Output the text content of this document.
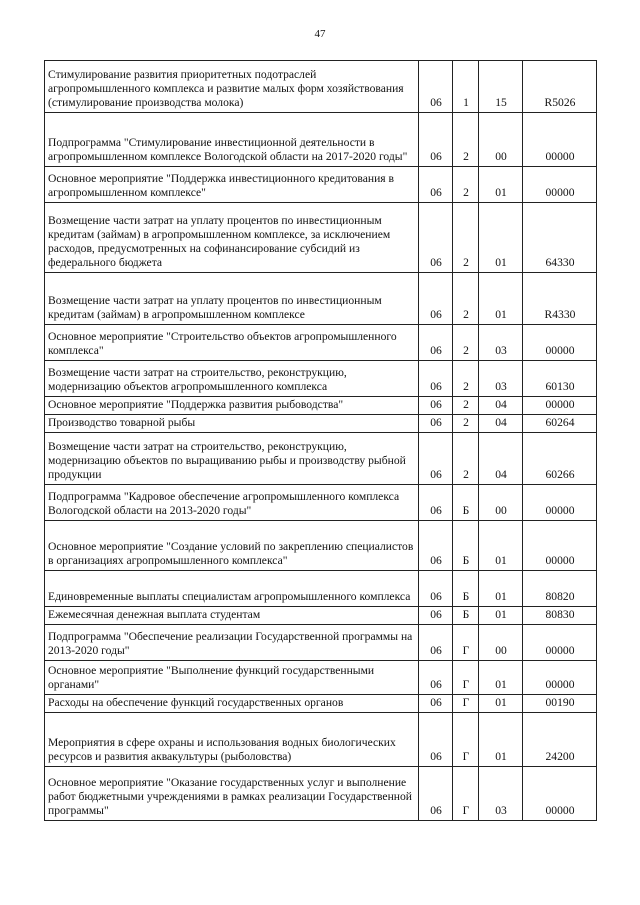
47
Стимулирование развития приоритетных подотраслей агропромышленного комплекса и развитие малых форм хозяйствования (стимулирование производства молока)	06	1	15	R5026
Подпрограмма "Стимулирование инвестиционной деятельности в агропромышленном комплексе Вологодской области на 2017-2020 годы"	06	2	00	00000
Основное мероприятие "Поддержка инвестиционного кредитования в агропромышленном комплексе"	06	2	01	00000
Возмещение части затрат на уплату процентов по инвестиционным кредитам (займам) в агропромышленном комплексе, за исключением расходов, предусмотренных на софинансирование субсидий из федерального бюджета	06	2	01	64330
Возмещение части затрат на уплату процентов по инвестиционным кредитам (займам) в агропромышленном комплексе	06	2	01	R4330
Основное мероприятие "Строительство объектов агропромышленного комплекса"	06	2	03	00000
Возмещение части затрат на строительство, реконструкцию, модернизацию объектов агропромышленного комплекса	06	2	03	60130
Основное мероприятие "Поддержка развития рыбоводства"	06	2	04	00000
Производство товарной рыбы	06	2	04	60264
Возмещение части затрат на строительство, реконструкцию, модернизацию объектов по выращиванию рыбы и производству рыбной продукции	06	2	04	60266
Подпрограмма "Кадровое обеспечение агропромышленного комплекса Вологодской области на 2013-2020 годы"	06	Б	00	00000
Основное мероприятие "Создание условий по закреплению специалистов в организациях агропромышленного комплекса"	06	Б	01	00000
Единовременные выплаты специалистам агропромышленного комплекса	06	Б	01	80820
Ежемесячная денежная выплата студентам	06	Б	01	80830
Подпрограмма "Обеспечение реализации Государственной программы на 2013-2020 годы"	06	Г	00	00000
Основное мероприятие "Выполнение функций государственными органами"	06	Г	01	00000
Расходы на обеспечение функций государственных органов	06	Г	01	00190
Мероприятия в сфере охраны и использования водных биологических ресурсов и развития аквакультуры (рыболовства)	06	Г	01	24200
Основное мероприятие "Оказание государственных услуг и выполнение работ бюджетными учреждениями в рамках реализации Государственной программы"	06	Г	03	00000
